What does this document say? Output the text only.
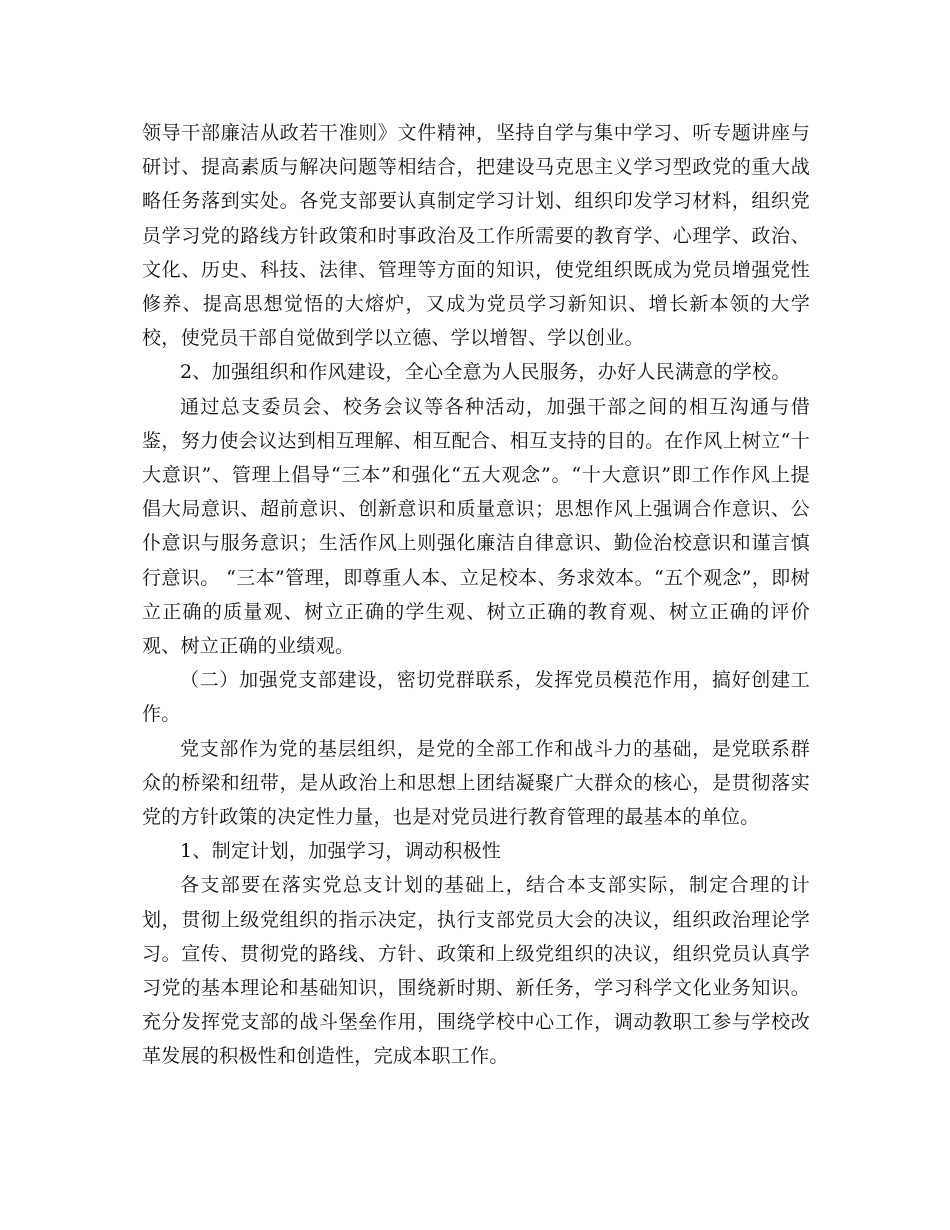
领导干部廉洁从政若干准则》文件精神，坚持自学与集中学习、听专题讲座与研讨、提高素质与解决问题等相结合，把建设马克思主义学习型政党的重大战略任务落到实处。各党支部要认真制定学习计划、组织印发学习材料，组织党员学习党的路线方针政策和时事政治及工作所需要的教育学、心理学、政治、文化、历史、科技、法律、管理等方面的知识，使党组织既成为党员增强党性修养、提高思想觉悟的大熔炉，又成为党员学习新知识、增长新本领的大学校，使党员干部自觉做到学以立德、学以增智、学以创业。

2、加强组织和作风建设，全心全意为人民服务，办好人民满意的学校。

通过总支委员会、校务会议等各种活动，加强干部之间的相互沟通与借鉴，努力使会议达到相互理解、相互配合、相互支持的目的。在作风上树立“十大意识”、管理上倡导“三本”和强化“五大观念”。“十大意识”即工作作风上提倡大局意识、超前意识、创新意识和质量意识；思想作风上强调合作意识、公仆意识与服务意识；生活作风上则强化廉洁自律意识、勤俭治校意识和谨言慎行意识。 “三本”管理，即尊重人本、立足校本、务求效本。“五个观念”，即树立正确的质量观、树立正确的学生观、树立正确的教育观、树立正确的评价观、树立正确的业绩观。

（二）加强党支部建设，密切党群联系，发挥党员模范作用，搞好创建工作。

党支部作为党的基层组织，是党的全部工作和战斗力的基础，是党联系群众的桥梁和纽带，是从政治上和思想上团结凝聚广大群众的核心，是贯彻落实党的方针政策的决定性力量，也是对党员进行教育管理的最基本的单位。

1、制定计划，加强学习，调动积极性

各支部要在落实党总支计划的基础上，结合本支部实际，制定合理的计划，贯彻上级党组织的指示决定，执行支部党员大会的决议，组织政治理论学习。宣传、贯彻党的路线、方针、政策和上级党组织的决议，组织党员认真学习党的基本理论和基础知识，围绕新时期、新任务，学习科学文化业务知识。充分发挥党支部的战斗堡垒作用，围绕学校中心工作，调动教职工参与学校改革发展的积极性和创造性，完成本职工作。
